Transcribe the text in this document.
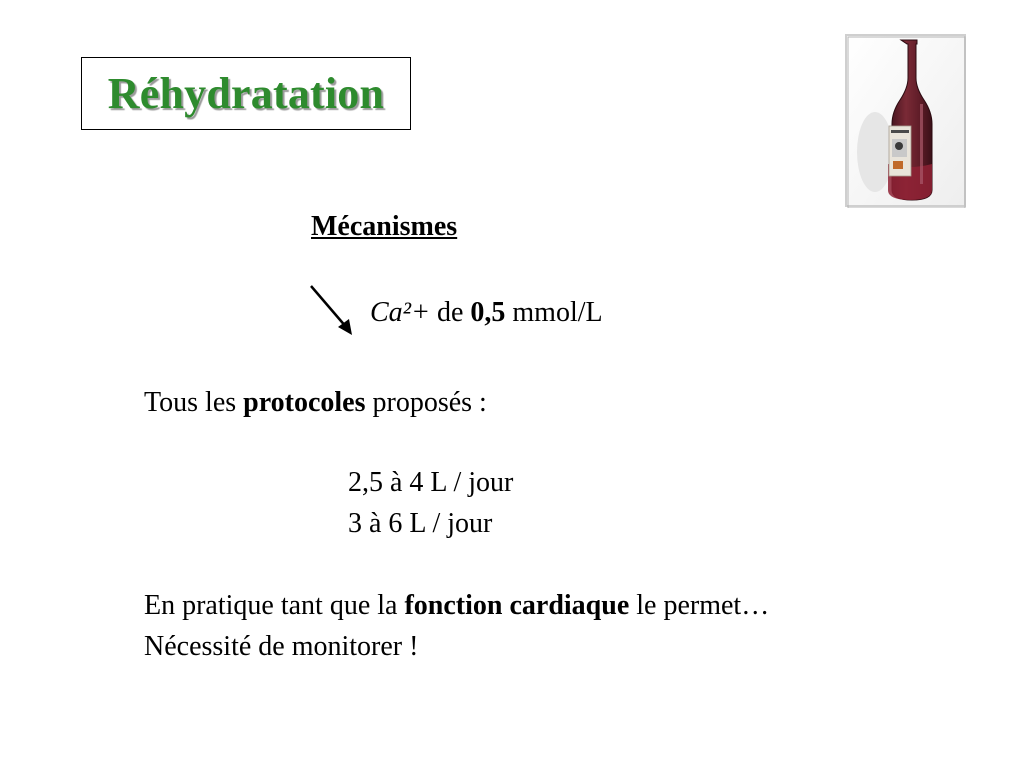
Réhydratation
Mécanismes
Ca²+ de 0,5 mmol/L
Tous les protocoles proposés :
2,5 à 4 L / jour
3 à 6 L / jour
En pratique tant que la fonction cardiaque le permet…
Nécessité de monitorer !
